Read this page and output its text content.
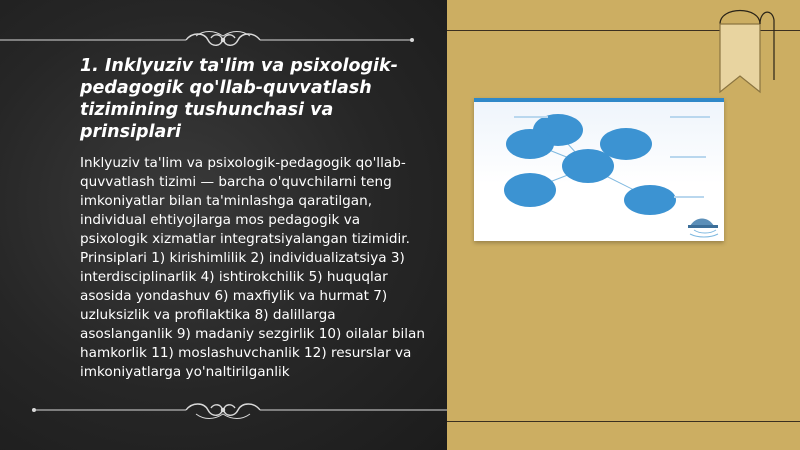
1. Inklyuziv ta'lim va psixologik-pedagogik qo'llab-quvvatlash tizimining tushunchasi va prinsiplari

Inklyuziv ta'lim va psixologik-pedagogik qo'llab-quvvatlash tizimi — barcha o'quvchilarni teng imkoniyatlar bilan ta'minlashga qaratilgan, individual ehtiyojlarga mos pedagogik va psixologik xizmatlar integratsiyalangan tizimidir. Prinsiplari 1) kirishimlilik 2) individualizatsiya 3) interdisciplinarlik 4) ishtirokchilik 5) huquqlar asosida yondashuv 6) maxfiylik va hurmat 7) uzluksizlik va profilaktika 8) dalillarga asoslanganlik 9) madaniy sezgirlik 10) oilalar bilan hamkorlik 11) moslashuvchanlik 12) resurslar va imkoniyatlarga yo'naltirilganlik
